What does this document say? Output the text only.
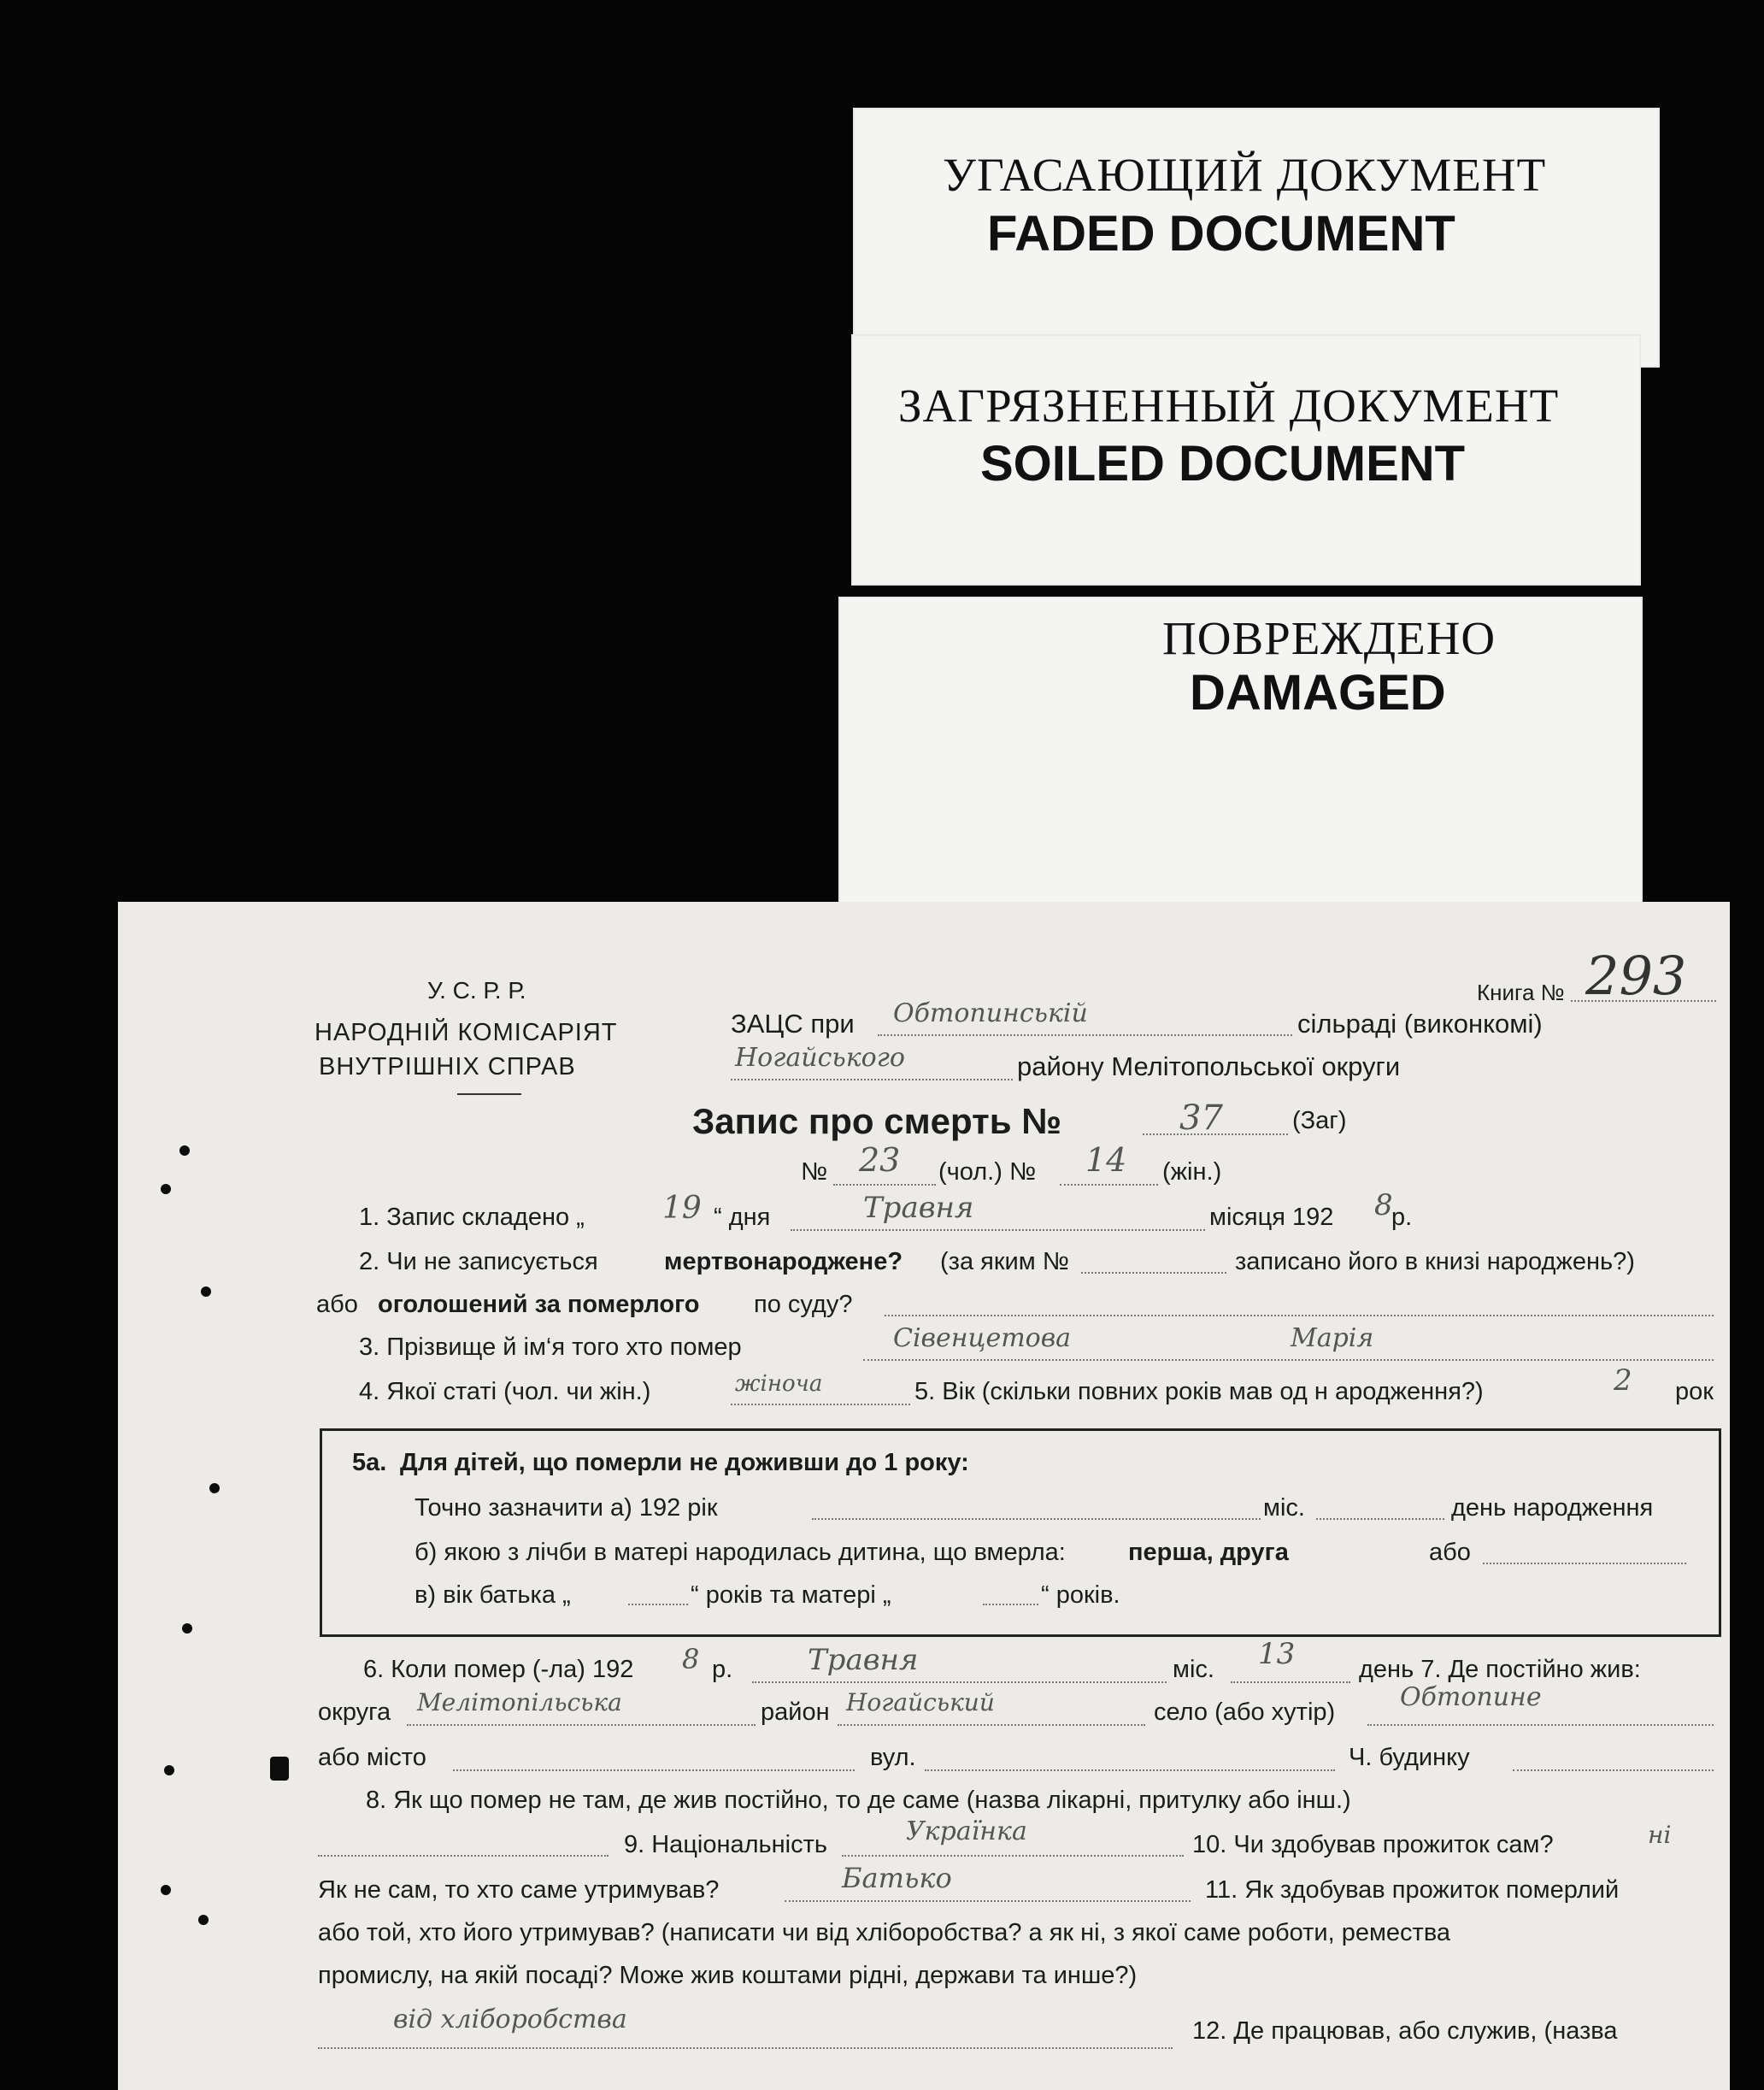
УГАСАЮЩИЙ ДОКУМЕНТ
FADED DOCUMENT
ЗАГРЯЗНЕННЫЙ ДОКУМЕНТ
SOILED DOCUMENT
ПОВРЕЖДЕНО
DAMAGED
У. С. Р. Р.
НАРОДНІЙ КОМІСАРІЯТ
ВНУТРІШНІХ СПРАВ
Книга № 293
ЗАЦС при Обтопинській	сільраді (виконкомі)
Ногайського	району Мелітопольської округи
Запис про смерть №	37	(Заг)
№ 23 (чол.) № 14 (жін.)
1. Запис складено „	19 “ дня	Травня	місяця 192 8
р.
2. Чи не записується	мертвонароджене? (за яким №	записано його в книзі народжень?)
або оголошений за померлого по суду?
3. Прізвище й ім‘я того хто помер	Сівенцетова	Марія
4. Якої статі (чол. чи жін.)	жіноча	5. Вік (скільки повних років мав од н ародження?)	2 рок
5а. Для дітей, що померли не доживши до 1 року:
Точно зазначити а) 192 рік	міс.	день народження
б) якою з лічби в матері народилась дитина, що вмерла:	перша, друга	або
в) вік батька „	“ років та матері „	“ років.
6. Коли помер (-ла) 192 8 р.	Травня	міс. 13	день 7. Де постійно жив:
округа Мелітопільська	район Ногайський	село (або хутір)	Обтопине
або місто	вул.	Ч. будинку
8. Як що помер не там, де жив постійно, то де саме (назва лікарні, притулку або інш.)
9. Національність	Українка	10. Чи здобував прожиток сам?	ні
Як не сам, то хто саме утримував?	Батько	11. Як здобував прожиток померлий
або той, хто його утримував? (написати чи від хліборобства? а як ні, з якої саме роботи, ремества
промислу, на якій посаді? Може жив коштами рідні, держави та инше?)
від хліборобства	12. Де працював, або служив, (назва
